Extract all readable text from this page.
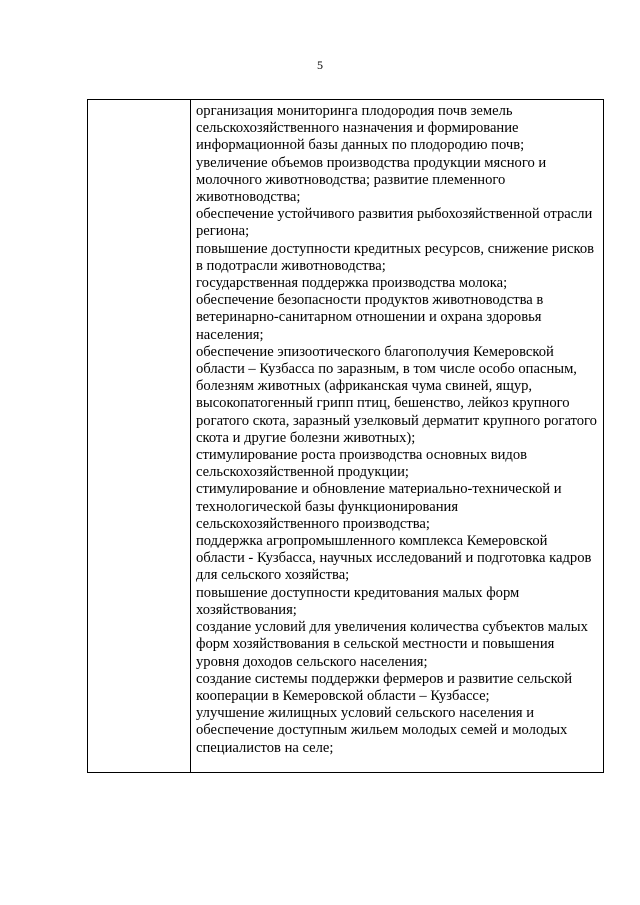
5
организация мониторинга плодородия почв земель сельскохозяйственного назначения и формирование информационной базы данных по плодородию почв;
увеличение объемов производства продукции мясного и молочного животноводства; развитие племенного животноводства;
обеспечение устойчивого развития рыбохозяйственной отрасли региона;
повышение доступности кредитных ресурсов, снижение рисков в подотрасли животноводства;
государственная поддержка производства молока;
обеспечение безопасности продуктов животноводства в ветеринарно-санитарном отношении и охрана здоровья населения;
обеспечение эпизоотического благополучия Кемеровской области – Кузбасса по заразным, в том числе особо опасным, болезням животных (африканская чума свиней, ящур, высокопатогенный грипп птиц, бешенство, лейкоз крупного рогатого скота, заразный узелковый дерматит крупного рогатого скота и другие болезни животных);
стимулирование роста производства основных видов сельскохозяйственной продукции;
стимулирование и обновление материально-технической и технологической базы функционирования сельскохозяйственного производства;
поддержка агропромышленного комплекса Кемеровской области - Кузбасса, научных исследований и подготовка кадров для сельского хозяйства;
повышение доступности кредитования малых форм хозяйствования;
создание условий для увеличения количества субъектов малых форм хозяйствования в сельской местности и повышения уровня доходов сельского населения;
создание системы поддержки фермеров и развитие сельской кооперации в Кемеровской области – Кузбассе;
улучшение жилищных условий сельского населения и обеспечение доступным жильем молодых семей и молодых специалистов на селе;
